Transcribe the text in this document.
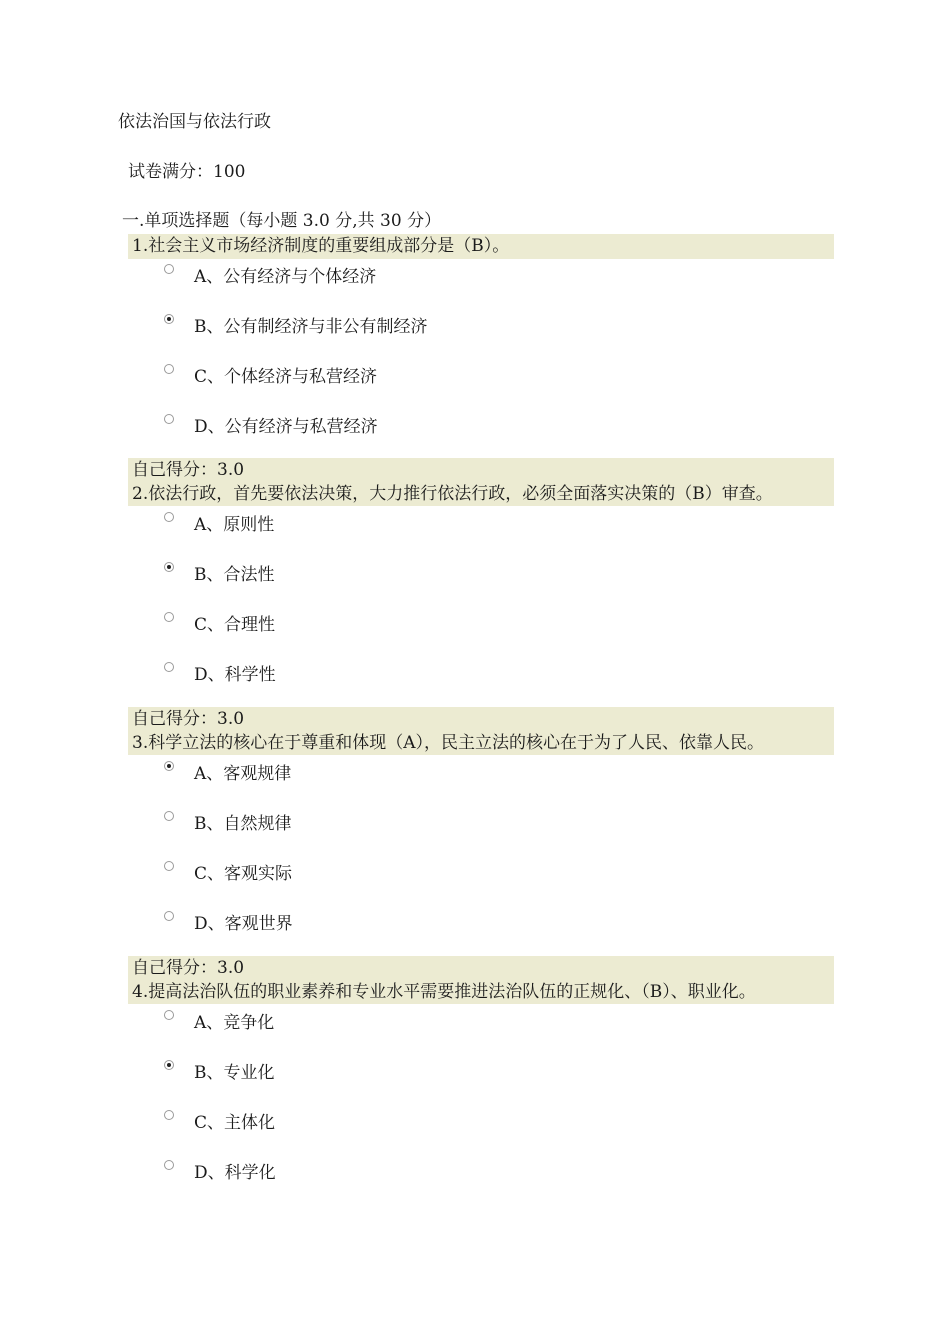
依法治国与依法行政
试卷满分：100
一.单项选择题（每小题 3.0 分,共 30 分）
1.社会主义市场经济制度的重要组成部分是（B）。
A、公有经济与个体经济
B、公有制经济与非公有制经济
C、个体经济与私营经济
D、公有经济与私营经济
自己得分：3.0
2.依法行政，首先要依法决策，大力推行依法行政，必须全面落实决策的（B）审查。
A、原则性
B、合法性
C、合理性
D、科学性
自己得分：3.0
3.科学立法的核心在于尊重和体现（A），民主立法的核心在于为了人民、依靠人民。
A、客观规律
B、自然规律
C、客观实际
D、客观世界
自己得分：3.0
4.提高法治队伍的职业素养和专业水平需要推进法治队伍的正规化、（B）、职业化。
A、竞争化
B、专业化
C、主体化
D、科学化
